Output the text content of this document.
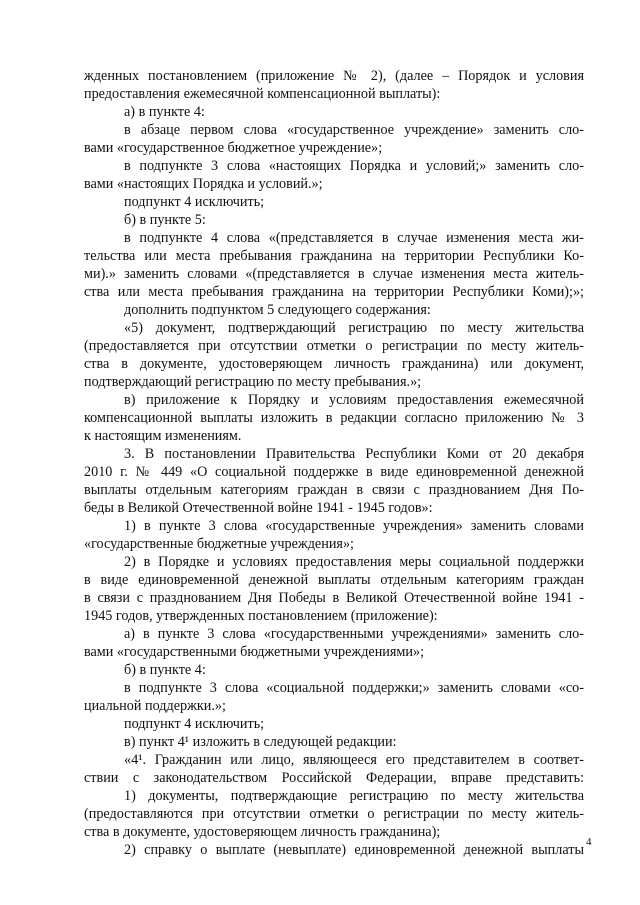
жденных постановлением (приложение № 2), (далее – Порядок и условия
предоставления ежемесячной компенсационной выплаты):
а) в пункте 4:
в абзаце первом слова «государственное учреждение» заменить сло-
вами «государственное бюджетное учреждение»;
в подпункте 3 слова «настоящих Порядка и условий;» заменить сло-
вами «настоящих Порядка и условий.»;
подпункт 4 исключить;
б) в пункте 5:
в подпункте 4 слова «(представляется в случае изменения места жи-
тельства или места пребывания гражданина на территории Республики Ко-
ми).» заменить словами «(представляется в случае изменения места житель-
ства или места пребывания гражданина на территории Республики Коми);»;
дополнить подпунктом 5 следующего содержания:
«5) документ, подтверждающий регистрацию по месту жительства
(предоставляется при отсутствии отметки о регистрации по месту житель-
ства в документе, удостоверяющем личность гражданина) или документ,
подтверждающий регистрацию по месту пребывания.»;
в) приложение к Порядку и условиям предоставления ежемесячной
компенсационной выплаты изложить в редакции согласно приложению № 3
к настоящим изменениям.
3. В постановлении Правительства Республики Коми от 20 декабря
2010 г. № 449 «О социальной поддержке в виде единовременной денежной
выплаты отдельным категориям граждан в связи с празднованием Дня По-
беды в Великой Отечественной войне 1941 - 1945 годов»:
1) в пункте 3 слова «государственные учреждения» заменить словами
«государственные бюджетные учреждения»;
2) в Порядке и условиях предоставления меры социальной поддержки
в виде единовременной денежной выплаты отдельным категориям граждан
в связи с празднованием Дня Победы в Великой Отечественной войне 1941 -
1945 годов, утвержденных постановлением (приложение):
а) в пункте 3 слова «государственными учреждениями» заменить сло-
вами «государственными бюджетными учреждениями»;
б) в пункте 4:
в подпункте 3 слова «социальной поддержки;» заменить словами «со-
циальной поддержки.»;
подпункт 4 исключить;
в) пункт 4¹ изложить в следующей редакции:
«4¹. Гражданин или лицо, являющееся его представителем в соответ-
ствии с законодательством Российской Федерации, вправе представить:
1) документы, подтверждающие регистрацию по месту жительства
(предоставляются при отсутствии отметки о регистрации по месту житель-
ства в документе, удостоверяющем личность гражданина);
2) справку о выплате (невыплате) единовременной денежной выплаты 4
